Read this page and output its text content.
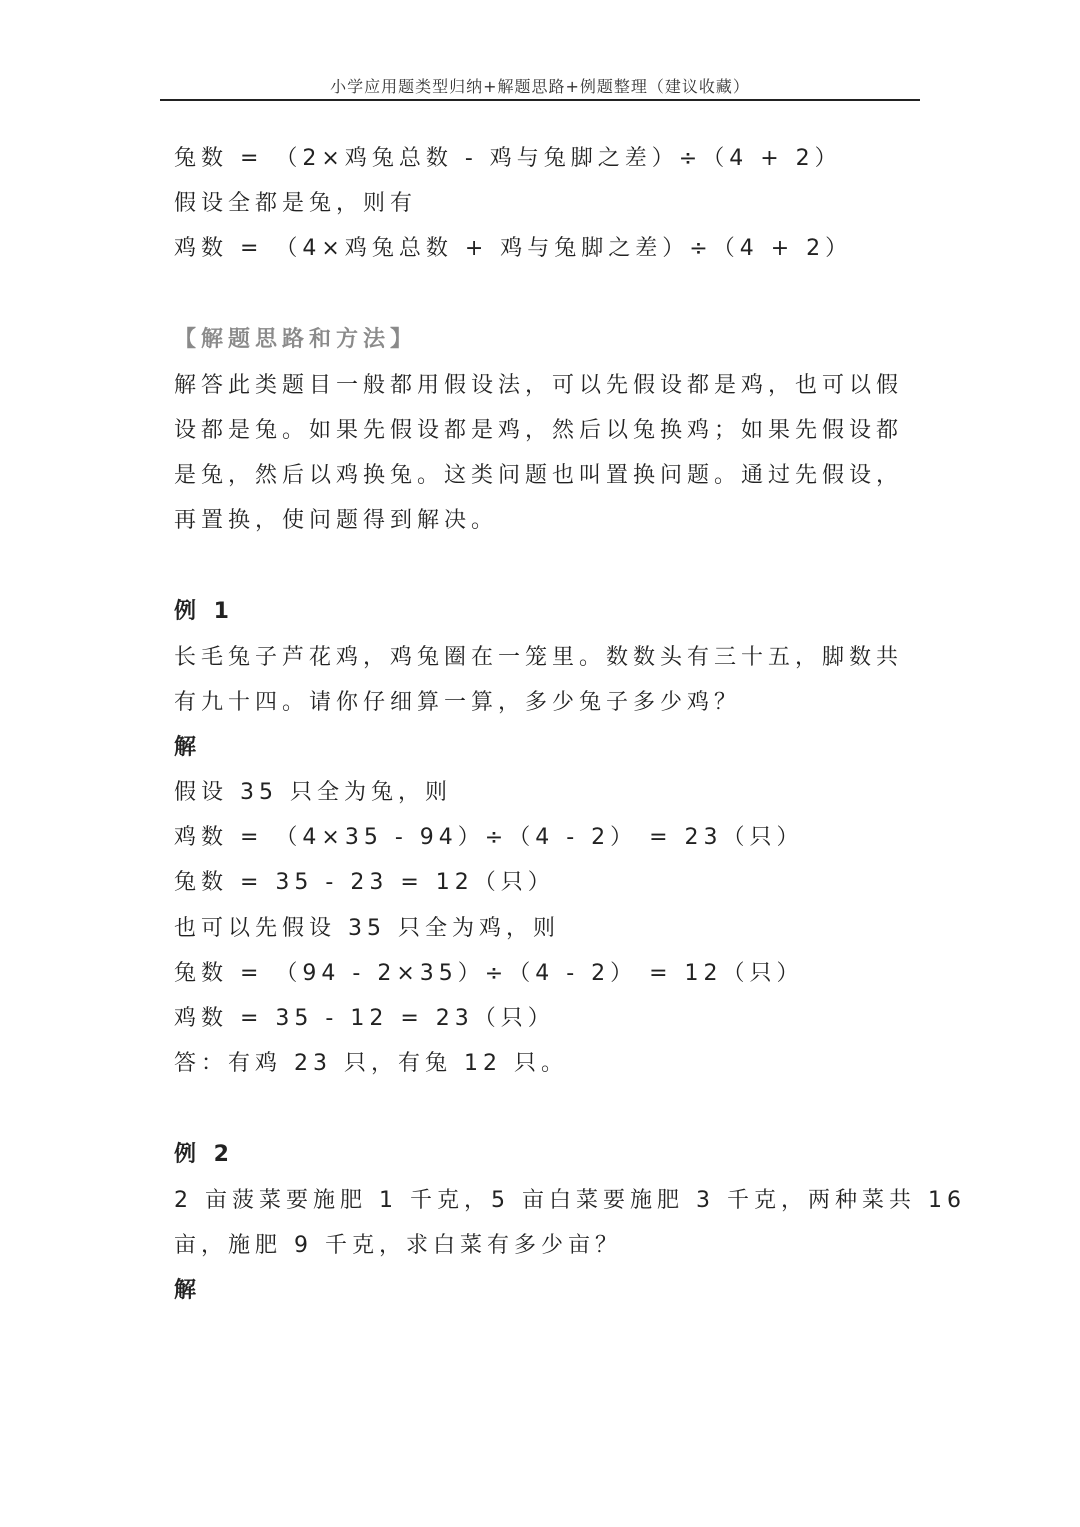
小学应用题类型归纳+解题思路+例题整理（建议收藏）
兔数 = （2×鸡兔总数 - 鸡与兔脚之差）÷（4 + 2）
假设全都是兔，则有
鸡数 = （4×鸡兔总数 + 鸡与兔脚之差）÷（4 + 2）
【解题思路和方法】
解答此类题目一般都用假设法，可以先假设都是鸡，也可以假
设都是兔。如果先假设都是鸡，然后以兔换鸡；如果先假设都
是兔，然后以鸡换兔。这类问题也叫置换问题。通过先假设，
再置换，使问题得到解决。
例 1
长毛兔子芦花鸡，鸡兔圈在一笼里。数数头有三十五，脚数共
有九十四。请你仔细算一算，多少兔子多少鸡？
解
假设 35 只全为兔，则
鸡数 = （4×35 - 94）÷（4 - 2） = 23（只）
兔数 = 35 - 23 = 12（只）
也可以先假设 35 只全为鸡，则
兔数 = （94 - 2×35）÷（4 - 2） = 12（只）
鸡数 = 35 - 12 = 23（只）
答：有鸡 23 只，有兔 12 只。
例 2
2 亩菠菜要施肥 1 千克，5 亩白菜要施肥 3 千克，两种菜共 16
亩，施肥 9 千克，求白菜有多少亩？
解
